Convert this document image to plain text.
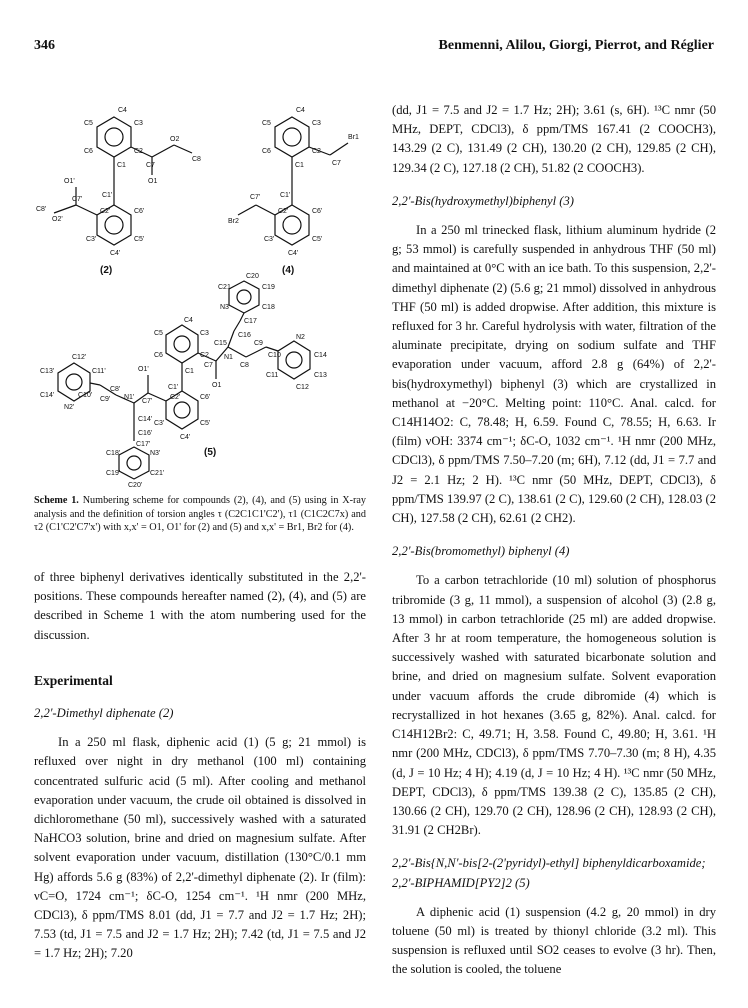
346	Benmenni, Alilou, Giorgi, Pierrot, and Réglier
C4
C5	C3
C6	C2
C1	C7
O2
C8
O1'
C8'
O2'
C7'
C1'
O1
C2'	C6'
C3'	C5'
C4'
(2)
C4
C5	C3
C6	C2
C1
Br1
C7
C7'	C1'
Br2
C2'	C6'
C3'	C5'
C4'
(4)
C20
C21	C19
N3	C18
C17
C16
C15
C4
C5	C3
C6	C2
C1
C7
N1
C9
C8
N2
C10	C14
C11	C13
C12
C12'
C13'	C11'
C14'	C10'
N2'
C9'
C8'
N1'
C7'
O1'
C1'	O1
C2'	C6'
C3'	C5'
C4'
C14'
C16'
C17'
C18'	N3'
C19'	C21'
C20'
(5)
Scheme 1. Numbering scheme for compounds (2), (4), and (5) using in X-ray analysis and the definition of torsion angles τ (C2C1C1'C2'), τ1 (C1C2C7x) and τ2 (C1'C2'C7'x') with x,x' = O1, O1' for (2) and (5) and x,x' = Br1, Br2 for (4).

of three biphenyl derivatives identically substituted in the 2,2'-positions. These compounds hereafter named (2), (4), and (5) are described in Scheme 1 with the atom numbering used for the discussion.

Experimental

2,2'-Dimethyl diphenate (2)

In a 250 ml flask, diphenic acid (1) (5 g; 21 mmol) is refluxed over night in dry methanol (100 ml) containing concentrated sulfuric acid (5 ml). After cooling and methanol evaporation under vacuum, the crude oil obtained is dissolved in dichloromethane (50 ml), successively washed with a saturated NaHCO3 solution, brine and dried on magnesium sulfate. After solvent evaporation under vacuum, distillation (130°C/0.1 mm Hg) affords 5.6 g (83%) of 2,2'-dimethyl diphenate (2). Ir (film): νC=O, 1724 cm⁻¹; δC-O, 1254 cm⁻¹. ¹H nmr (200 MHz, CDCl3), δ ppm/TMS 8.01 (dd, J1 = 7.7 and J2 = 1.7 Hz; 2H); 7.53 (td, J1 = 7.5 and J2 = 1.7 Hz; 2H); 7.42 (td, J1 = 7.5 and J2 = 1.7 Hz; 2H); 7.20

(dd, J1 = 7.5 and J2 = 1.7 Hz; 2H); 3.61 (s, 6H). ¹³C nmr (50 MHz, DEPT, CDCl3), δ ppm/TMS 167.41 (2 COOCH3), 143.29 (2 C), 131.49 (2 CH), 130.20 (2 CH), 129.85 (2 CH), 129.34 (2 C), 127.18 (2 CH), 51.82 (2 COOCH3).

2,2'-Bis(hydroxymethyl)biphenyl (3)

In a 250 ml trinecked flask, lithium aluminum hydride (2 g; 53 mmol) is carefully suspended in anhydrous THF (50 ml) and maintained at 0°C with an ice bath. To this suspension, 2,2'-dimethyl diphenate (2) (5.6 g; 21 mmol) dissolved in anhydrous THF (50 ml) is added dropwise. After addition, this mixture is refluxed for 3 hr. Careful hydrolysis with water, filtration of the aluminate precipitate, drying on sodium sulfate and THF evaporation under vacuum, afford 2.8 g (64%) of 2,2'-bis(hydroxymethyl) biphenyl (3) which are crystallized in methanol at −20°C. Melting point: 110°C. Anal. calcd. for C14H14O2: C, 78.48; H, 6.59. Found C, 78.55; H, 6.63. Ir (film) νOH: 3374 cm⁻¹; δC-O, 1032 cm⁻¹. ¹H nmr (200 MHz, CDCl3), δ ppm/TMS 7.50–7.20 (m; 6H), 7.12 (dd, J1 = 7.7 and J2 = 2.1 Hz; 2 H). ¹³C nmr (50 MHz, DEPT, CDCl3), δ ppm/TMS 139.97 (2 C), 138.61 (2 C), 129.60 (2 CH), 128.03 (2 CH), 127.58 (2 CH), 62.61 (2 CH2).

2,2'-Bis(bromomethyl) biphenyl (4)

To a carbon tetrachloride (10 ml) solution of phosphorus tribromide (3 g, 11 mmol), a suspension of alcohol (3) (2.8 g, 13 mmol) in carbon tetrachloride (25 ml) are added dropwise. After 3 hr at room temperature, the homogeneous solution is successively washed with saturated bicarbonate solution and brine, and dried on magnesium sulfate. Solvent evaporation under vacuum affords the crude dibromide (4) which is recrystallized in hot hexanes (3.65 g, 82%). Anal. calcd. for C14H12Br2: C, 49.71; H, 3.58. Found C, 49.80; H, 3.61. ¹H nmr (200 MHz, CDCl3), δ ppm/TMS 7.70–7.30 (m; 8 H), 4.35 (d, J = 10 Hz; 4 H); 4.19 (d, J = 10 Hz; 4 H). ¹³C nmr (50 MHz, DEPT, CDCl3), δ ppm/TMS 139.38 (2 C), 135.85 (2 CH), 130.66 (2 CH), 129.70 (2 CH), 128.96 (2 CH), 128.93 (2 CH), 31.91 (2 CH2Br).

2,2'-Bis{N,N'-bis[2-(2'pyridyl)-ethyl] biphenyldicarboxamide; 2,2'-BIPHAMID[PY2]2 (5)

A diphenic acid (1) suspension (4.2 g, 20 mmol) in dry toluene (50 ml) is treated by thionyl chloride (3.2 ml). This suspension is refluxed until SO2 ceases to evolve (3 hr). Then, the solution is cooled, the toluene
